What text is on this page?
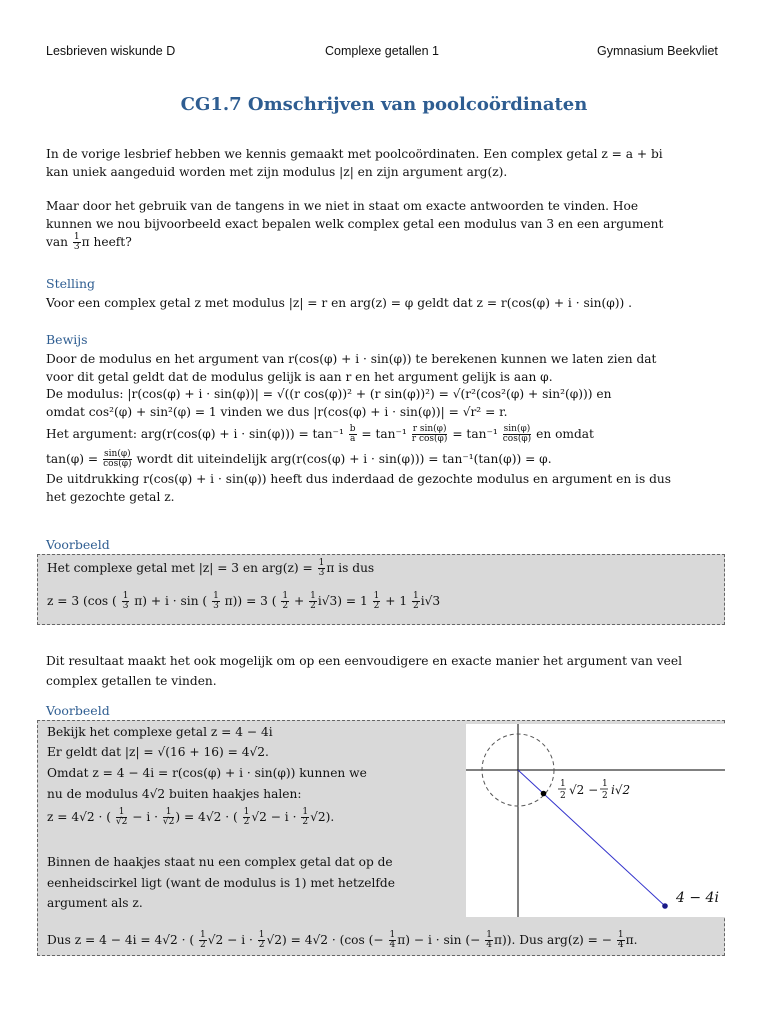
Lesbrieven wiskunde D	Complexe getallen 1	Gymnasium Beekvliet
CG1.7 Omschrijven van poolcoördinaten

In de vorige lesbrief hebben we kennis gemaakt met poolcoördinaten. Een complex getal z = a + bi

kan uniek aangeduid worden met zijn modulus |z| en zijn argument arg(z).

Maar door het gebruik van de tangens in we niet in staat om exacte antwoorden te vinden. Hoe

kunnen we nou bijvoorbeeld exact bepalen welk complex getal een modulus van 3 en een argument

van $\frac{1}{3}$ π heeft?

Stelling
Voor een complex getal z met modulus |z| = r en arg(z) = φ geldt dat z = r(cos(φ) + i · sin(φ)) .
Bewijs

Door de modulus en het argument van r(cos(φ) + i · sin(φ)) te berekenen kunnen we laten zien dat

voor dit getal geldt dat de modulus gelijk is aan r en het argument gelijk is aan φ.

De modulus: |r(cos(φ) + i · sin(φ))| = √((r cos(φ))² + (r sin(φ))²) = √(r²(cos²(φ) + sin²(φ))) en

omdat cos²(φ) + sin²(φ) = 1 vinden we dus |r(cos(φ) + i · sin(φ))| = √r² = r.

Het argument: $arg(r(\cos(\varphi) + i \cdot \sin(\varphi))) = \tan^{-1} \frac{b}{a} = \tan^{-1} \frac{\text{r sin(φ)}}{\text{r cos(φ)}} = \tan^{-1} \frac{\sin(\varphi)}{\cos(\varphi)}$ en omdat

$\tan(\varphi) = \frac{\sin(\varphi)}{\cos(\varphi)}$ wordt dit uiteindelijk arg(r(cos(φ) + i · sin(φ))) = tan⁻¹(tan(φ)) = φ.

De uitdrukking r(cos(φ) + i · sin(φ)) heeft dus inderdaad de gezochte modulus en argument en is dus

het gezochte getal z.

Voorbeeld
Het complexe getal met |z| = 3 en $arg(z) = \frac{1}{3}$ π is dus
z = 3 (cos ( $\frac{1}{3} \pi) + i \cdot \sin$ ( $\frac{1}{3} \pi)) = 3$ ( $\frac{1}{2} + \frac{1}{2} i√3) = 1 \frac{1}{2} + 1 \frac{1}{2} i√3$

Dit resultaat maakt het ook mogelijk om op een eenvoudigere en exacte manier het argument van veel

complex getallen te vinden.

Voorbeeld
Bekijk het complexe getal z = 4 − 4i
Er geldt dat |z| = √(16 + 16) = 4√2.
Omdat z = 4 − 4i = r(cos(φ) + i · sin(φ)) kunnen we
nu de modulus 4√2 buiten haakjes halen:
z = 4√2 · ( $\frac{1}{√2} - i \cdot \frac{1}{√2}$ ) = 4√2 · ( $\frac{1}{2} √2 - i \cdot \frac{1}{2} √2$).
Binnen de haakjes staat nu een complex getal dat op de
eenheidscirkel ligt (want de modulus is 1) met hetzelfde
argument als z.
Dus z = 4 − 4i = 4√2 · ( $\frac{1}{2} √2 - i \cdot \frac{1}{2} √2) = 4√2 \cdot (\cos$ (− $\frac{1}{4} \pi) - i \cdot \sin$ (− $\frac{1}{4} \pi$)). Dus arg(z) = − $\frac{1}{4} \pi$.
1
2 √2 − 1
2 i√2
4 − 4i
